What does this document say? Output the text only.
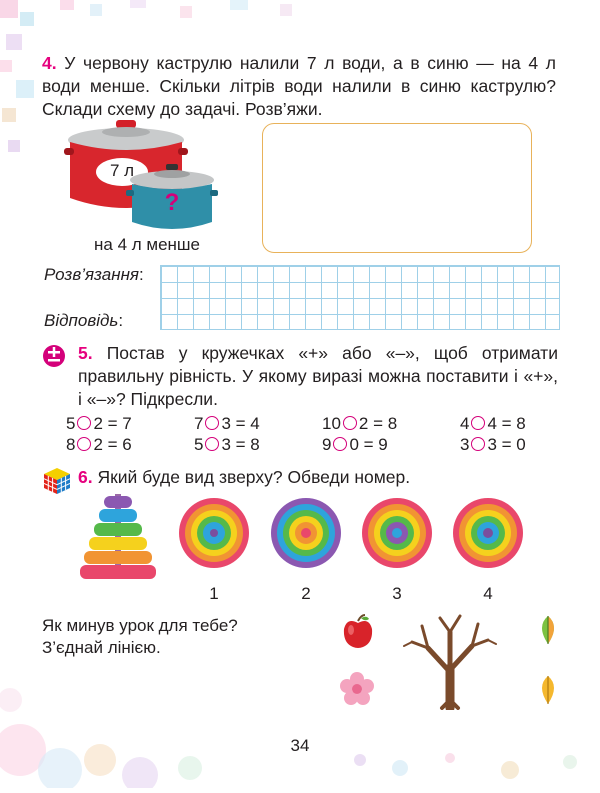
4. У червону каструлю налили 7 л води, а в синю — на 4 л води менше. Скільки літрів води налили в синю каструлю? Склади схему до задачі. Розв’яжи.
7 л
?
на 4 л менше
Розв’язання:
Відповідь:
5. Постав у кружечках «+» або «–», щоб отримати правильну рівність. У якому виразі можна поставити і «+», і «–»? Підкресли.
5 2 = 7	7 3 = 4	10 2 = 8	4 4 = 8
8 2 = 6	5 3 = 8	9 0 = 9	3 3 = 0
6. Який буде вид зверху? Обведи номер.
1	2	3	4
Як минув урок для тебе?
З’єднай лінією.
34
